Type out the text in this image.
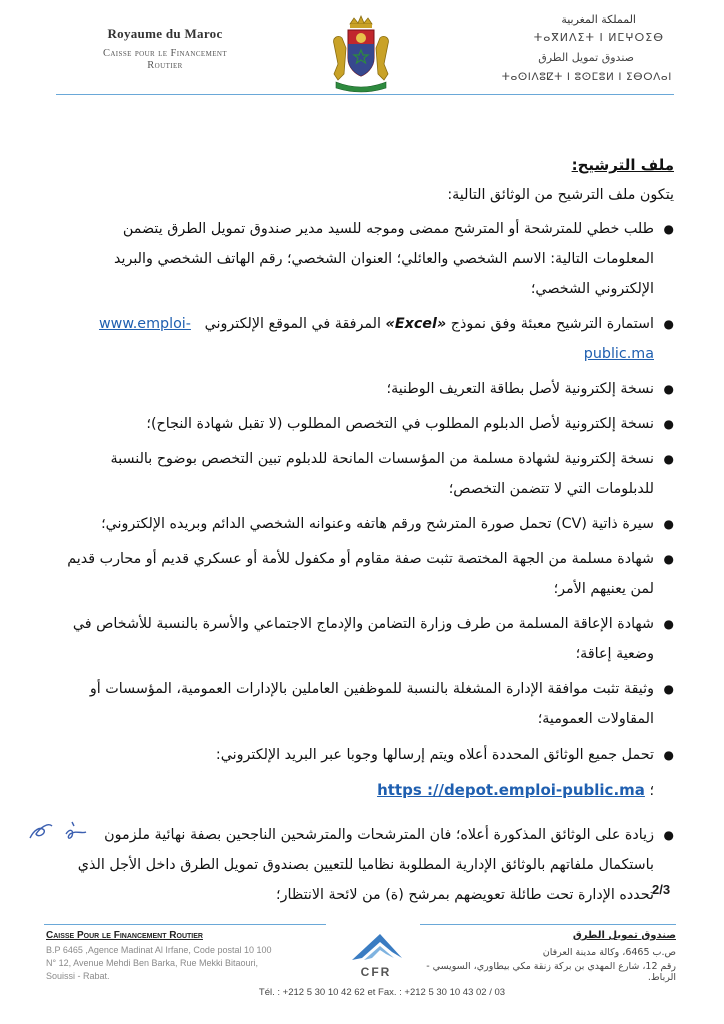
Royaume du Maroc
Caisse pour le Financement
Routier
المملكة المغربية
ⵜⴰⴳⵍⴷⵉⵜ ⵏ ⵍⵎⵖⵔⵉⴱ
صندوق تمويل الطرق
ⵜⴰⵙⵏⴷⵓⵇⵜ ⵏ ⵓⵙⵎⵓⵍ ⵏ ⵉⴱⵔⴷⴰⵏ
ملف الترشيح:
يتكون ملف الترشيح من الوثائق التالية:
●
طلب خطي للمترشحة أو المترشح ممضى وموجه للسيد مدير صندوق تمويل الطرق يتضمن المعلومات التالية: الاسم الشخصي والعائلي؛ العنوان الشخصي؛ رقم الهاتف الشخصي والبريد الإلكتروني الشخصي؛
●
استمارة الترشيح معبئة وفق نموذج «Excel» المرفقة في الموقع الإلكتروني   www.emploi-public.ma
●
نسخة إلكترونية لأصل بطاقة التعريف الوطنية؛
●
نسخة إلكترونية لأصل الدبلوم المطلوب في التخصص المطلوب (لا تقبل شهادة النجاح)؛
●
نسخة إلكترونية لشهادة مسلمة من المؤسسات المانحة للدبلوم تبين التخصص بوضوح بالنسبة للدبلومات التي لا تتضمن التخصص؛
●
سيرة ذاتية (CV) تحمل صورة المترشح ورقم هاتفه وعنوانه الشخصي الدائم وبريده الإلكتروني؛
●
شهادة مسلمة من الجهة المختصة تثبت صفة مقاوم أو مكفول للأمة أو عسكري قديم أو محارب قديم لمن يعنيهم الأمر؛
●
شهادة الإعاقة المسلمة من طرف وزارة التضامن والإدماج الاجتماعي والأسرة بالنسبة للأشخاص في وضعية إعاقة؛
●
وثيقة تثبت موافقة الإدارة المشغلة بالنسبة للموظفين العاملين بالإدارات العمومية، المؤسسات أو المقاولات العمومية؛
●
تحمل جميع الوثائق المحددة أعلاه ويتم إرسالها وجوبا عبر البريد الإلكتروني:
؛ https ://depot.emploi-public.ma
●
زيادة على الوثائق المذكورة أعلاه؛ فان المترشحات والمترشحين الناجحين بصفة نهائية ملزمون باستكمال ملفاتهم بالوثائق الإدارية المطلوبة نظاميا للتعيين بصندوق تمويل الطرق داخل الأجل الذي تحدده الإدارة تحت طائلة تعويضهم بمرشح (ة) من لائحة الانتظار؛
2/3
Caisse Pour le Financement Routier
B.P 6465 ,Agence Madinat Al Irfane, Code postal 10 100
N° 12, Avenue Mehdi Ben Barka, Rue Mekki Bitaouri,
Souissi - Rabat.	CFR
صندوق تمويل الطرق
ص.ب 6465، وكالة مدينة العرفان
رقم 12، شارع المهدي بن بركة زنقة مكي بيطاوري، السويسي - الرباط.
Tél. : +212 5 30 10 42 62 et Fax. : +212 5 30 10 43 02 / 03
